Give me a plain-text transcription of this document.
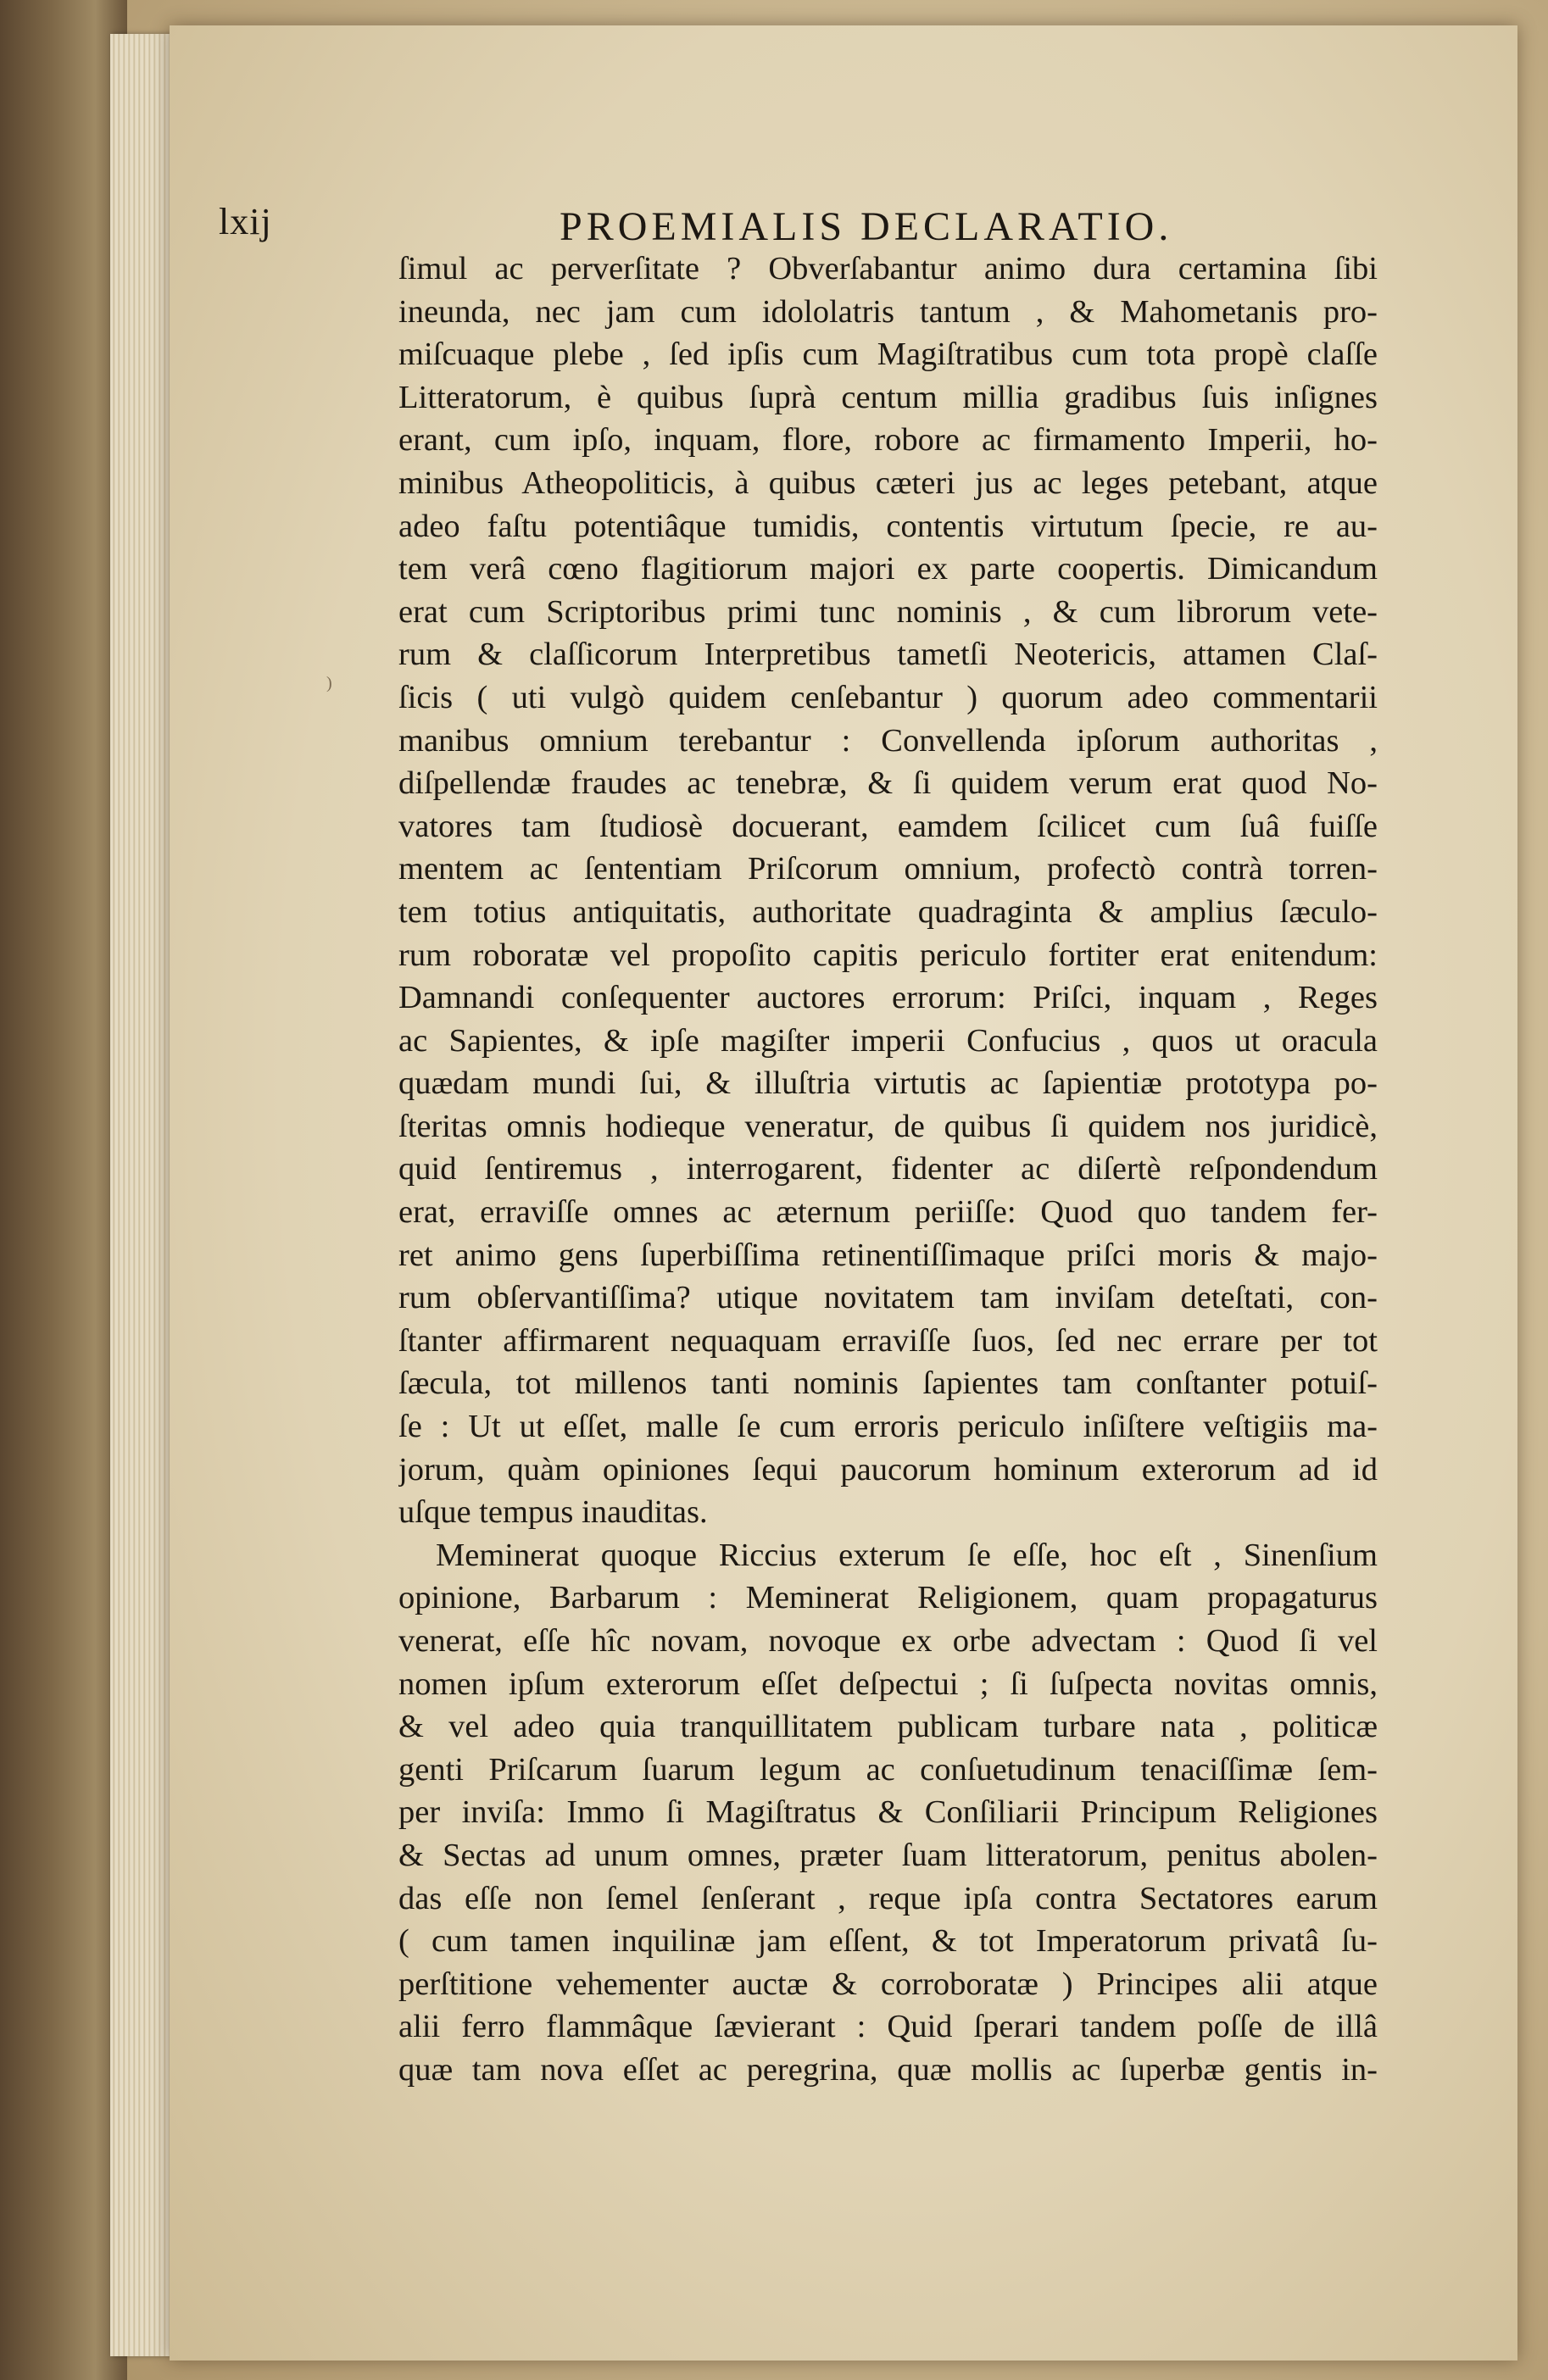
lxij	PROEMIALIS DECLARATIO.
)
ſimul ac perverſitate ? Obverſabantur animo dura certamina ſibi
ineunda, nec jam cum idololatris tantum , & Mahometanis pro-
miſcuaque plebe , ſed ipſis cum Magiſtratibus cum tota propè claſſe
Litteratorum, è quibus ſuprà centum millia gradibus ſuis inſignes
erant, cum ipſo, inquam, flore, robore ac firmamento Imperii, ho-
minibus Atheopoliticis, à quibus cæteri jus ac leges petebant, atque
adeo faſtu potentiâque tumidis, contentis virtutum ſpecie, re au-
tem verâ cœno flagitiorum majori ex parte coopertis. Dimicandum
erat cum Scriptoribus primi tunc nominis , & cum librorum vete-
rum & claſſicorum Interpretibus tametſi Neotericis, attamen Claſ-
ſicis ( uti vulgò quidem cenſebantur ) quorum adeo commentarii
manibus omnium terebantur : Convellenda ipſorum authoritas ,
diſpellendæ fraudes ac tenebræ, & ſi quidem verum erat quod No-
vatores tam ſtudiosè docuerant, eamdem ſcilicet cum ſuâ fuiſſe
mentem ac ſententiam Priſcorum omnium, profectò contrà torren-
tem totius antiquitatis, authoritate quadraginta & amplius ſæculo-
rum roboratæ vel propoſito capitis periculo fortiter erat enitendum:
Damnandi conſequenter auctores errorum: Priſci, inquam , Reges
ac Sapientes, & ipſe magiſter imperii Confucius , quos ut oracula
quædam mundi ſui, & illuſtria virtutis ac ſapientiæ prototypa po-
ſteritas omnis hodieque veneratur, de quibus ſi quidem nos juridicè,
quid ſentiremus , interrogarent, fidenter ac diſertè reſpondendum
erat, erraviſſe omnes ac æternum periiſſe: Quod quo tandem fer-
ret animo gens ſuperbiſſima retinentiſſimaque priſci moris & majo-
rum obſervantiſſima? utique novitatem tam inviſam deteſtati, con-
ſtanter affirmarent nequaquam erraviſſe ſuos, ſed nec errare per tot
ſæcula, tot millenos tanti nominis ſapientes tam conſtanter potuiſ-
ſe : Ut ut eſſet, malle ſe cum erroris periculo inſiſtere veſtigiis ma-
jorum, quàm opiniones ſequi paucorum hominum exterorum ad id
uſque tempus inauditas.
Meminerat quoque Riccius exterum ſe eſſe, hoc eſt , Sinenſium
opinione, Barbarum : Meminerat Religionem, quam propagaturus
venerat, eſſe hîc novam, novoque ex orbe advectam : Quod ſi vel
nomen ipſum exterorum eſſet deſpectui ; ſi ſuſpecta novitas omnis,
& vel adeo quia tranquillitatem publicam turbare nata , politicæ
genti Priſcarum ſuarum legum ac conſuetudinum tenaciſſimæ ſem-
per inviſa: Immo ſi Magiſtratus & Conſiliarii Principum Religiones
& Sectas ad unum omnes, præter ſuam litteratorum, penitus abolen-
das eſſe non ſemel ſenſerant , reque ipſa contra Sectatores earum
( cum tamen inquilinæ jam eſſent, & tot Imperatorum privatâ ſu-
perſtitione vehementer auctæ & corroboratæ ) Principes alii atque
alii ferro flammâque ſævierant : Quid ſperari tandem poſſe de illâ
quæ tam nova eſſet ac peregrina, quæ mollis ac ſuperbæ gentis in-
